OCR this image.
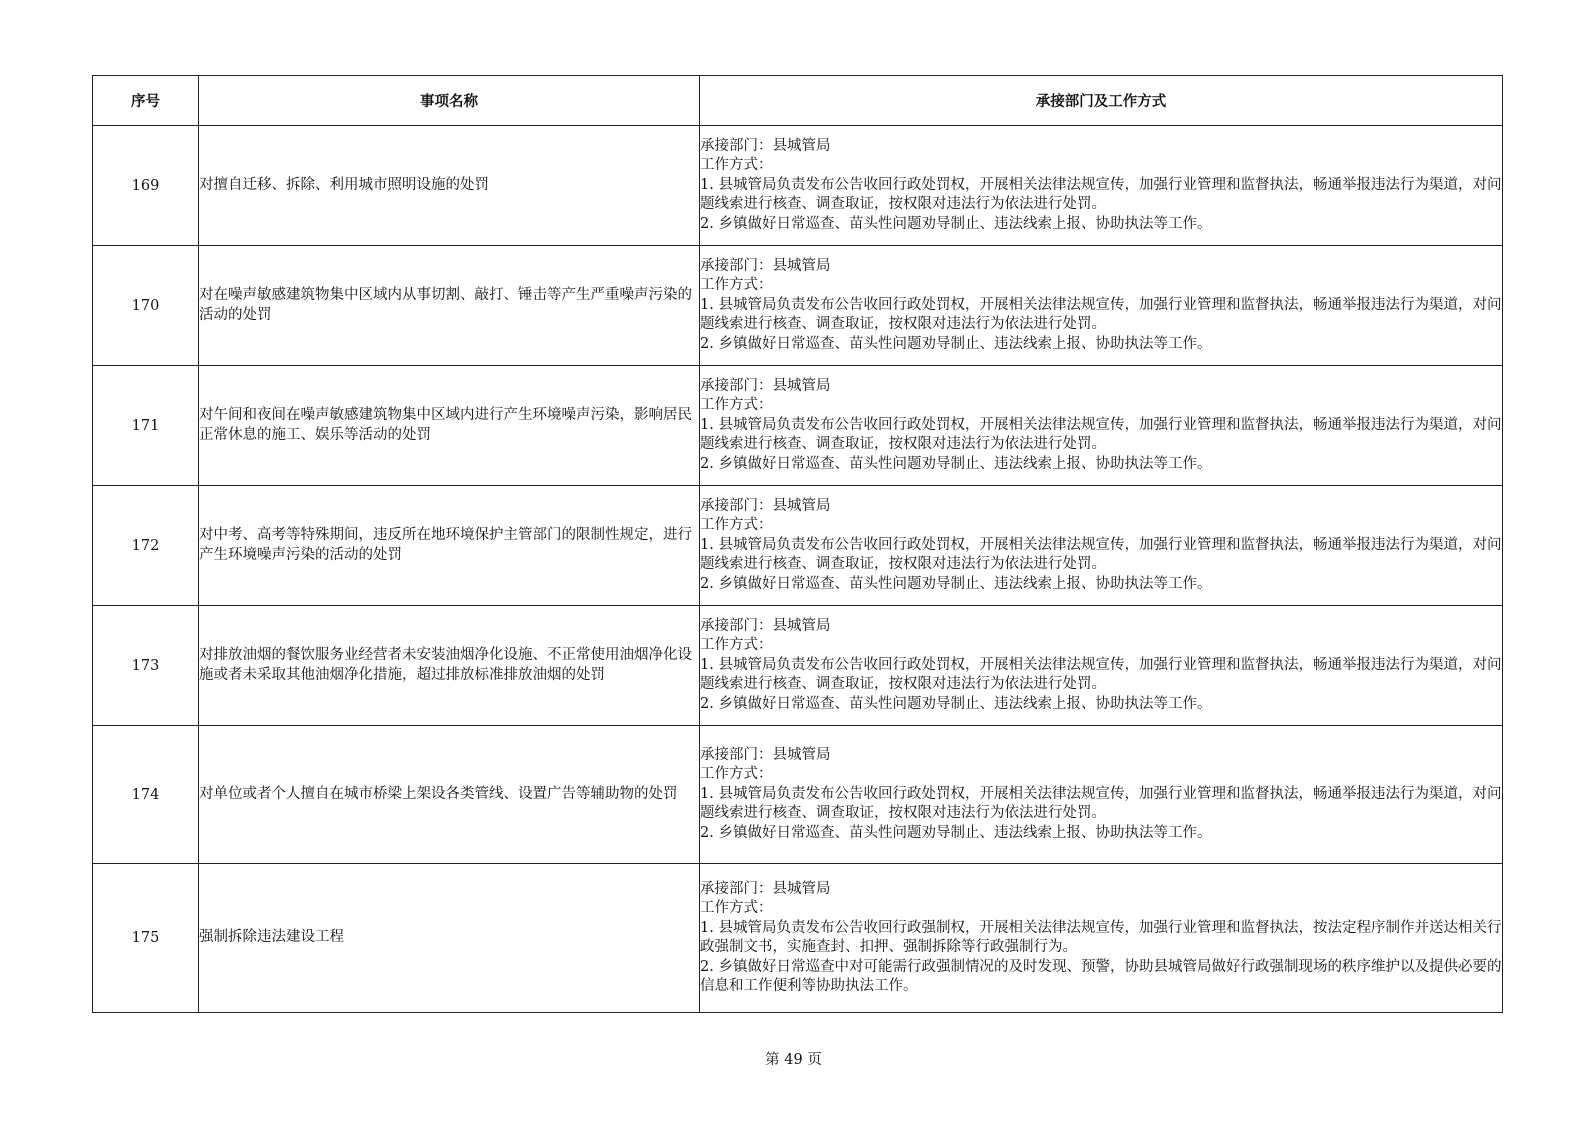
序号	事项名称	承接部门及工作方式
169	对擅自迁移、拆除、利用城市照明设施的处罚	承接部门：县城管局
工作方式：
1. 县城管局负责发布公告收回行政处罚权，开展相关法律法规宣传，加强行业管理和监督执法，畅通举报违法行为渠道，对问题线索进行核查、调查取证，按权限对违法行为依法进行处罚。
2. 乡镇做好日常巡查、苗头性问题劝导制止、违法线索上报、协助执法等工作。

170	对在噪声敏感建筑物集中区域内从事切割、敲打、锤击等产生严重噪声污染的活动的处罚	承接部门：县城管局
工作方式：
1. 县城管局负责发布公告收回行政处罚权，开展相关法律法规宣传，加强行业管理和监督执法，畅通举报违法行为渠道，对问题线索进行核查、调查取证，按权限对违法行为依法进行处罚。
2. 乡镇做好日常巡查、苗头性问题劝导制止、违法线索上报、协助执法等工作。

171	对午间和夜间在噪声敏感建筑物集中区域内进行产生环境噪声污染，影响居民正常休息的施工、娱乐等活动的处罚	承接部门：县城管局
工作方式：
1. 县城管局负责发布公告收回行政处罚权，开展相关法律法规宣传，加强行业管理和监督执法，畅通举报违法行为渠道，对问题线索进行核查、调查取证，按权限对违法行为依法进行处罚。
2. 乡镇做好日常巡查、苗头性问题劝导制止、违法线索上报、协助执法等工作。

172	对中考、高考等特殊期间，违反所在地环境保护主管部门的限制性规定，进行产生环境噪声污染的活动的处罚	承接部门：县城管局
工作方式：
1. 县城管局负责发布公告收回行政处罚权，开展相关法律法规宣传，加强行业管理和监督执法，畅通举报违法行为渠道，对问题线索进行核查、调查取证，按权限对违法行为依法进行处罚。
2. 乡镇做好日常巡查、苗头性问题劝导制止、违法线索上报、协助执法等工作。

173	对排放油烟的餐饮服务业经营者未安装油烟净化设施、不正常使用油烟净化设施或者未采取其他油烟净化措施，超过排放标准排放油烟的处罚	承接部门：县城管局
工作方式：
1. 县城管局负责发布公告收回行政处罚权，开展相关法律法规宣传，加强行业管理和监督执法，畅通举报违法行为渠道，对问题线索进行核查、调查取证，按权限对违法行为依法进行处罚。
2. 乡镇做好日常巡查、苗头性问题劝导制止、违法线索上报、协助执法等工作。

174	对单位或者个人擅自在城市桥梁上架设各类管线、设置广告等辅助物的处罚	承接部门：县城管局
工作方式：
1. 县城管局负责发布公告收回行政处罚权，开展相关法律法规宣传，加强行业管理和监督执法，畅通举报违法行为渠道，对问题线索进行核查、调查取证，按权限对违法行为依法进行处罚。
2. 乡镇做好日常巡查、苗头性问题劝导制止、违法线索上报、协助执法等工作。

175	强制拆除违法建设工程	承接部门：县城管局
工作方式：
1. 县城管局负责发布公告收回行政强制权，开展相关法律法规宣传，加强行业管理和监督执法，按法定程序制作并送达相关行政强制文书，实施查封、扣押、强制拆除等行政强制行为。
2. 乡镇做好日常巡查中对可能需行政强制情况的及时发现、预警，协助县城管局做好行政强制现场的秩序维护以及提供必要的信息和工作便利等协助执法工作。
第 49 页
